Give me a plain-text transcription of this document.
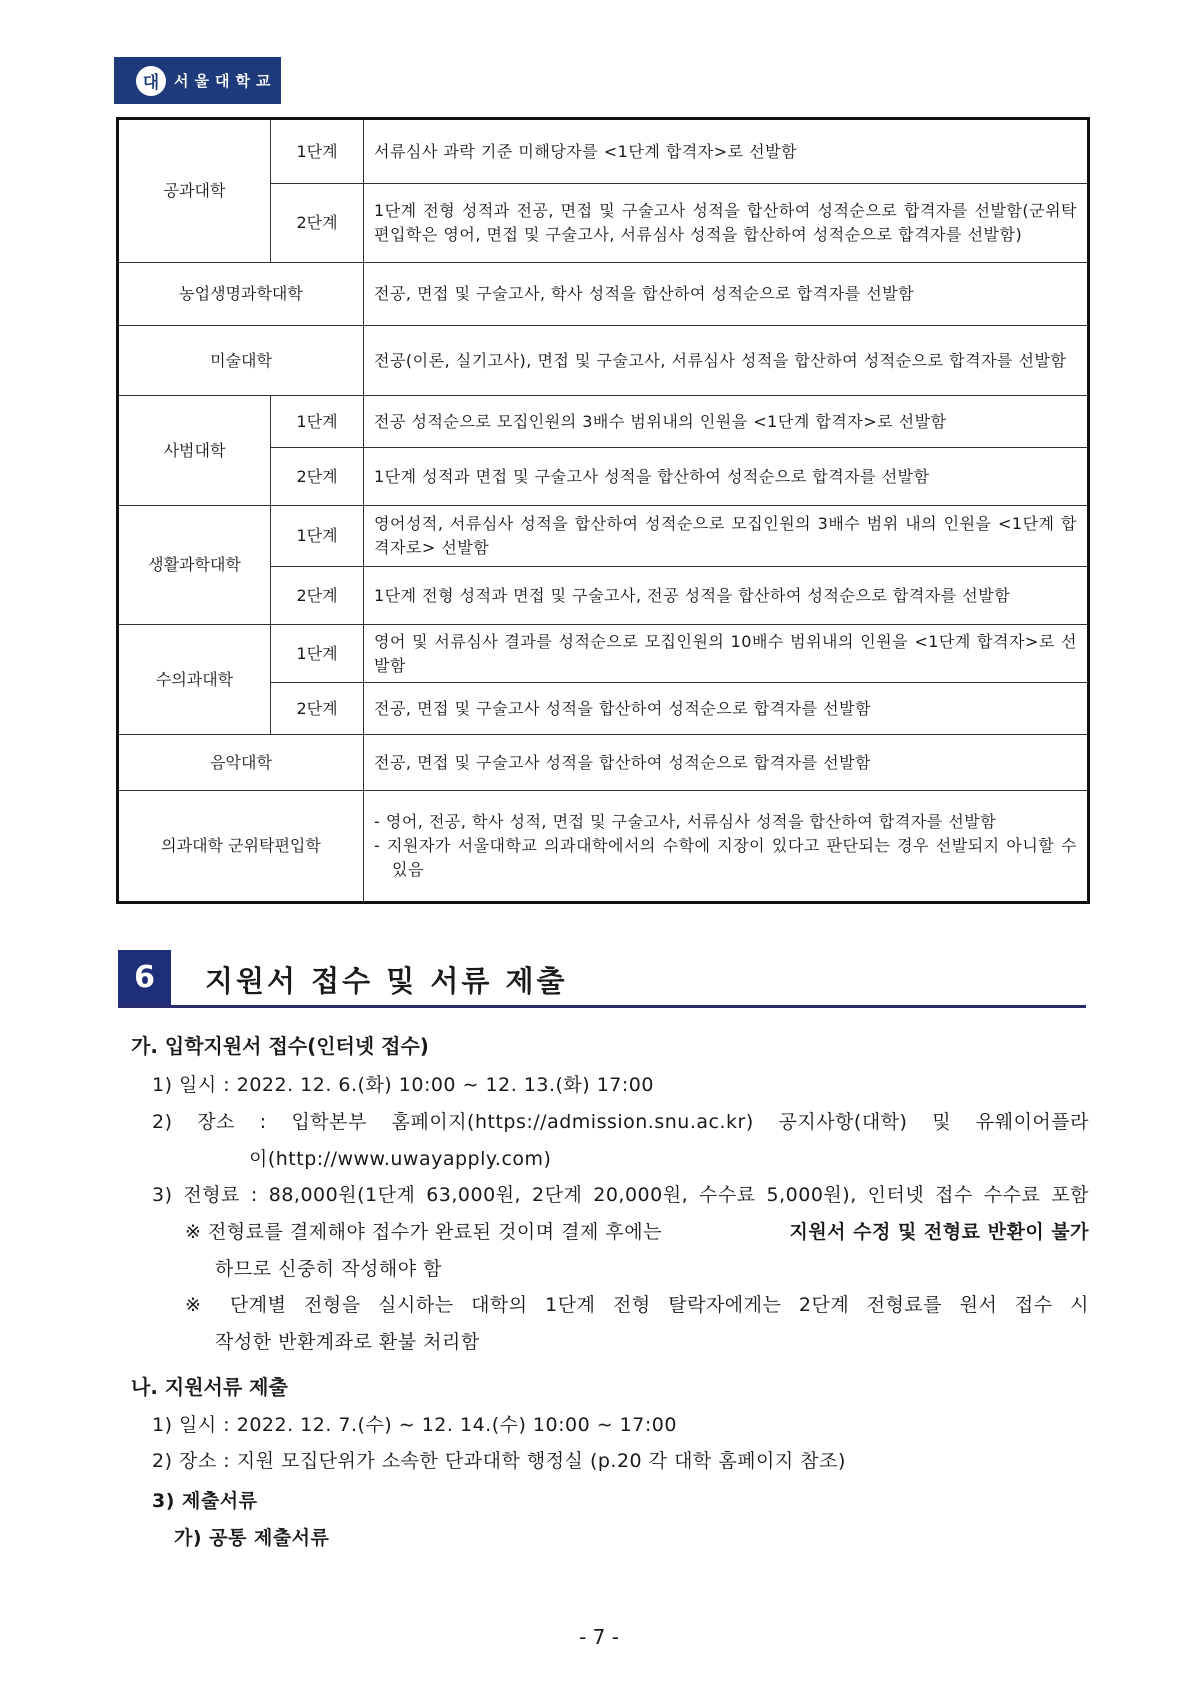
대 서울대학교
공과대학	1단계	서류심사 과락 기준 미해당자를 <1단계 합격자>로 선발함
	2단계	1단계 전형 성적과 전공, 면접 및 구술고사 성적을 합산하여 성적순으로 합격자를 선발함(군위탁편입학은 영어, 면접 및 구술고사, 서류심사 성적을 합산하여 성적순으로 합격자를 선발함)
농업생명과학대학		전공, 면접 및 구술고사, 학사 성적을 합산하여 성적순으로 합격자를 선발함
미술대학		전공(이론, 실기고사), 면접 및 구술고사, 서류심사 성적을 합산하여 성적순으로 합격자를 선발함
사범대학	1단계	전공 성적순으로 모집인원의 3배수 범위내의 인원을 <1단계 합격자>로 선발함
	2단계	1단계 성적과 면접 및 구술고사 성적을 합산하여 성적순으로 합격자를 선발함
생활과학대학	1단계	영어성적, 서류심사 성적을 합산하여 성적순으로 모집인원의 3배수 범위 내의 인원을 <1단계 합격자로> 선발함
	2단계	1단계 전형 성적과 면접 및 구술고사, 전공 성적을 합산하여 성적순으로 합격자를 선발함
수의과대학	1단계	영어 및 서류심사 결과를 성적순으로 모집인원의 10배수 범위내의 인원을 <1단계 합격자>로 선발함
	2단계	전공, 면접 및 구술고사 성적을 합산하여 성적순으로 합격자를 선발함
음악대학		전공, 면접 및 구술고사 성적을 합산하여 성적순으로 합격자를 선발함
의과대학 군위탁편입학		- 영어, 전공, 학사 성적, 면접 및 구술고사, 서류심사 성적을 합산하여 합격자를 선발함
- 지원자가 서울대학교 의과대학에서의 수학에 지장이 있다고 판단되는 경우 선발되지 아니할 수 있음
6	지원서 접수 및 서류 제출
가. 입학지원서 접수(인터넷 접수)
1) 일시 : 2022. 12. 6.(화) 10:00 ∼ 12. 13.(화) 17:00
2) 장소 : 입학본부 홈페이지(https://admission.snu.ac.kr) 공지사항(대학) 및 유웨이어플라
이(http://www.uwayapply.com)
3) 전형료 : 88,000원(1단계 63,000원, 2단계 20,000원, 수수료 5,000원), 인터넷 접수 수수료 포함
※ 전형료를 결제해야 접수가 완료된 것이며 결제 후에는	지원서 수정 및 전형료 반환이 불가
하므로 신중히 작성해야 함
※ 단계별 전형을 실시하는 대학의 1단계 전형 탈락자에게는 2단계 전형료를 원서 접수 시
작성한 반환계좌로 환불 처리함
나. 지원서류 제출
1) 일시 : 2022. 12. 7.(수) ∼ 12. 14.(수) 10:00 ∼ 17:00
2) 장소 : 지원 모집단위가 소속한 단과대학 행정실 (p.20 각 대학 홈페이지 참조)
3) 제출서류
가) 공통 제출서류
- 7 -
